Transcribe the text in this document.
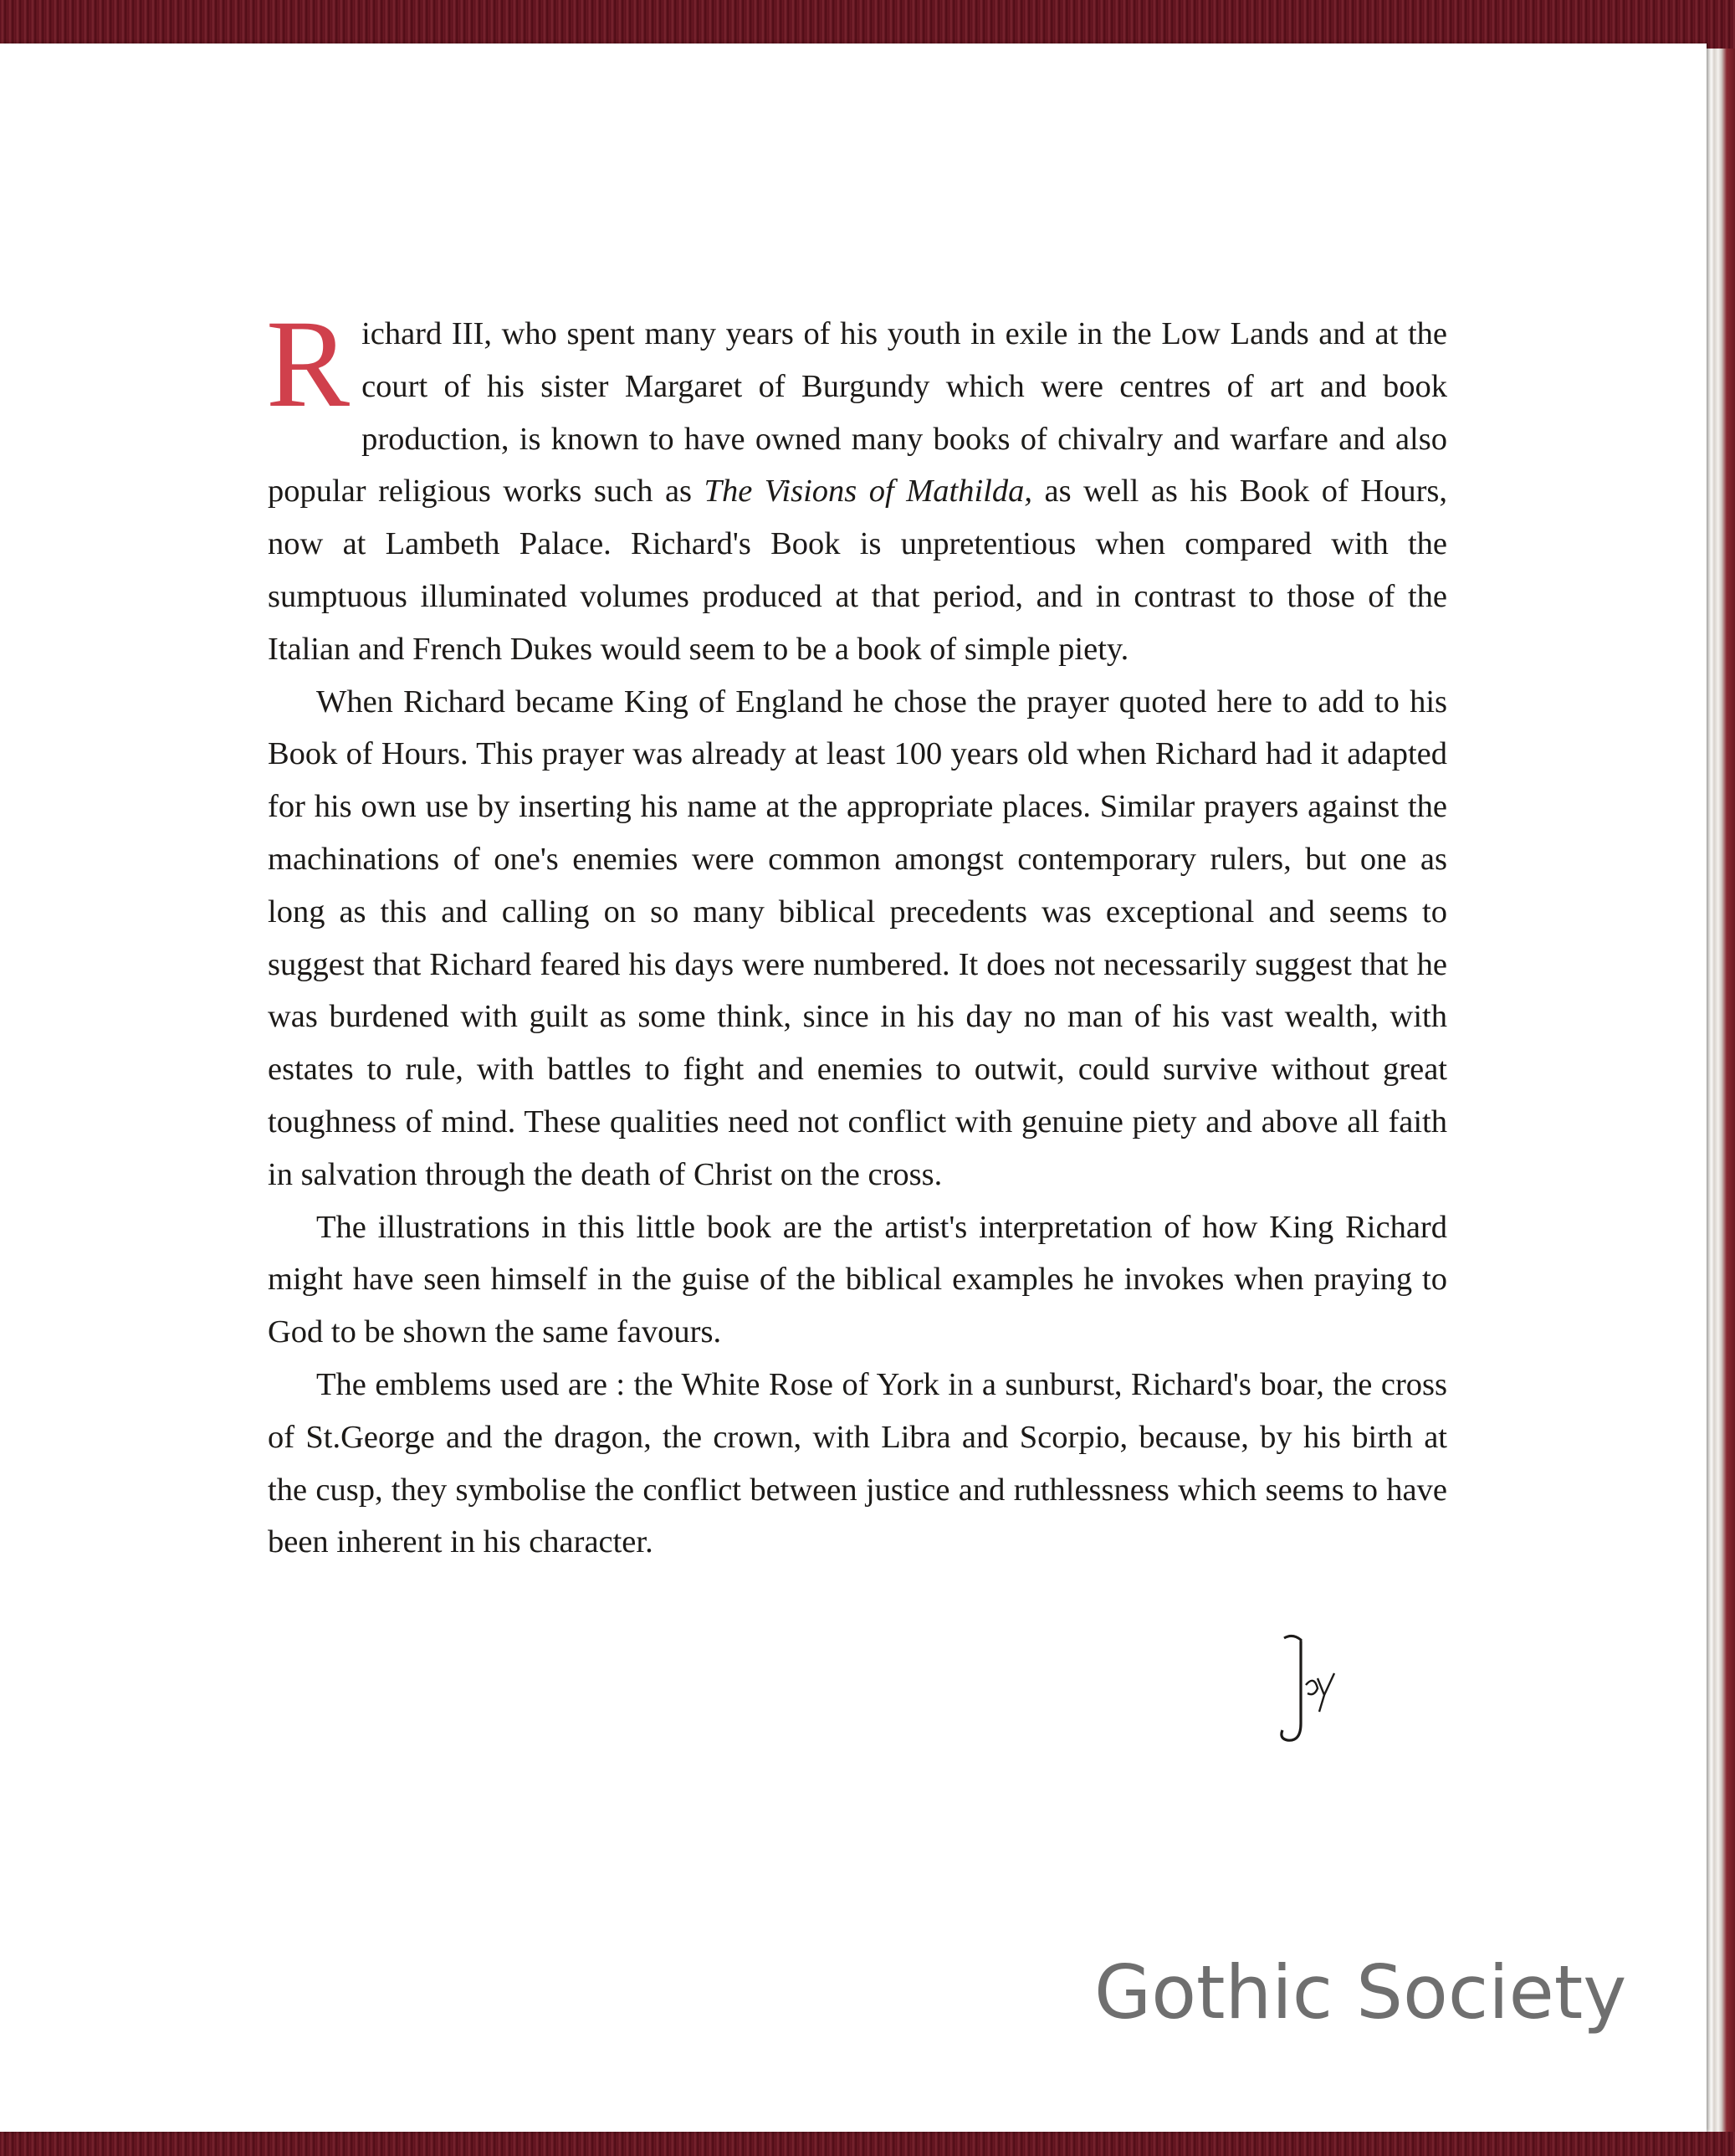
Richard III, who spent many years of his youth in exile in the Low Lands and at the court of his sister Margaret of Burgundy which were centres of art and book production, is known to have owned many books of chivalry and warfare and also popular religious works such as The Visions of Mathilda, as well as his Book of Hours, now at Lambeth Palace. Richard's Book is unpretentious when compared with the sumptuous illuminated volumes produced at that period, and in contrast to those of the Italian and French Dukes would seem to be a book of simple piety.

When Richard became King of England he chose the prayer quoted here to add to his Book of Hours. This prayer was already at least 100 years old when Richard had it adapted for his own use by inserting his name at the appropriate places. Similar prayers against the machinations of one's enemies were common amongst contemporary rulers, but one as long as this and calling on so many biblical precedents was exceptional and seems to suggest that Richard feared his days were numbered. It does not necessarily suggest that he was burdened with guilt as some think, since in his day no man of his vast wealth, with estates to rule, with battles to fight and enemies to outwit, could survive without great toughness of mind. These qualities need not conflict with genuine piety and above all faith in salvation through the death of Christ on the cross.

The illustrations in this little book are the artist's interpretation of how King Richard might have seen himself in the guise of the biblical examples he invokes when praying to God to be shown the same favours.

The emblems used are : the White Rose of York in a sunburst, Richard's boar, the cross of St.George and the dragon, the crown, with Libra and Scorpio, because, by his birth at the cusp, they symbolise the conflict between justice and ruthlessness which seems to have been inherent in his character.

Gothic Society
